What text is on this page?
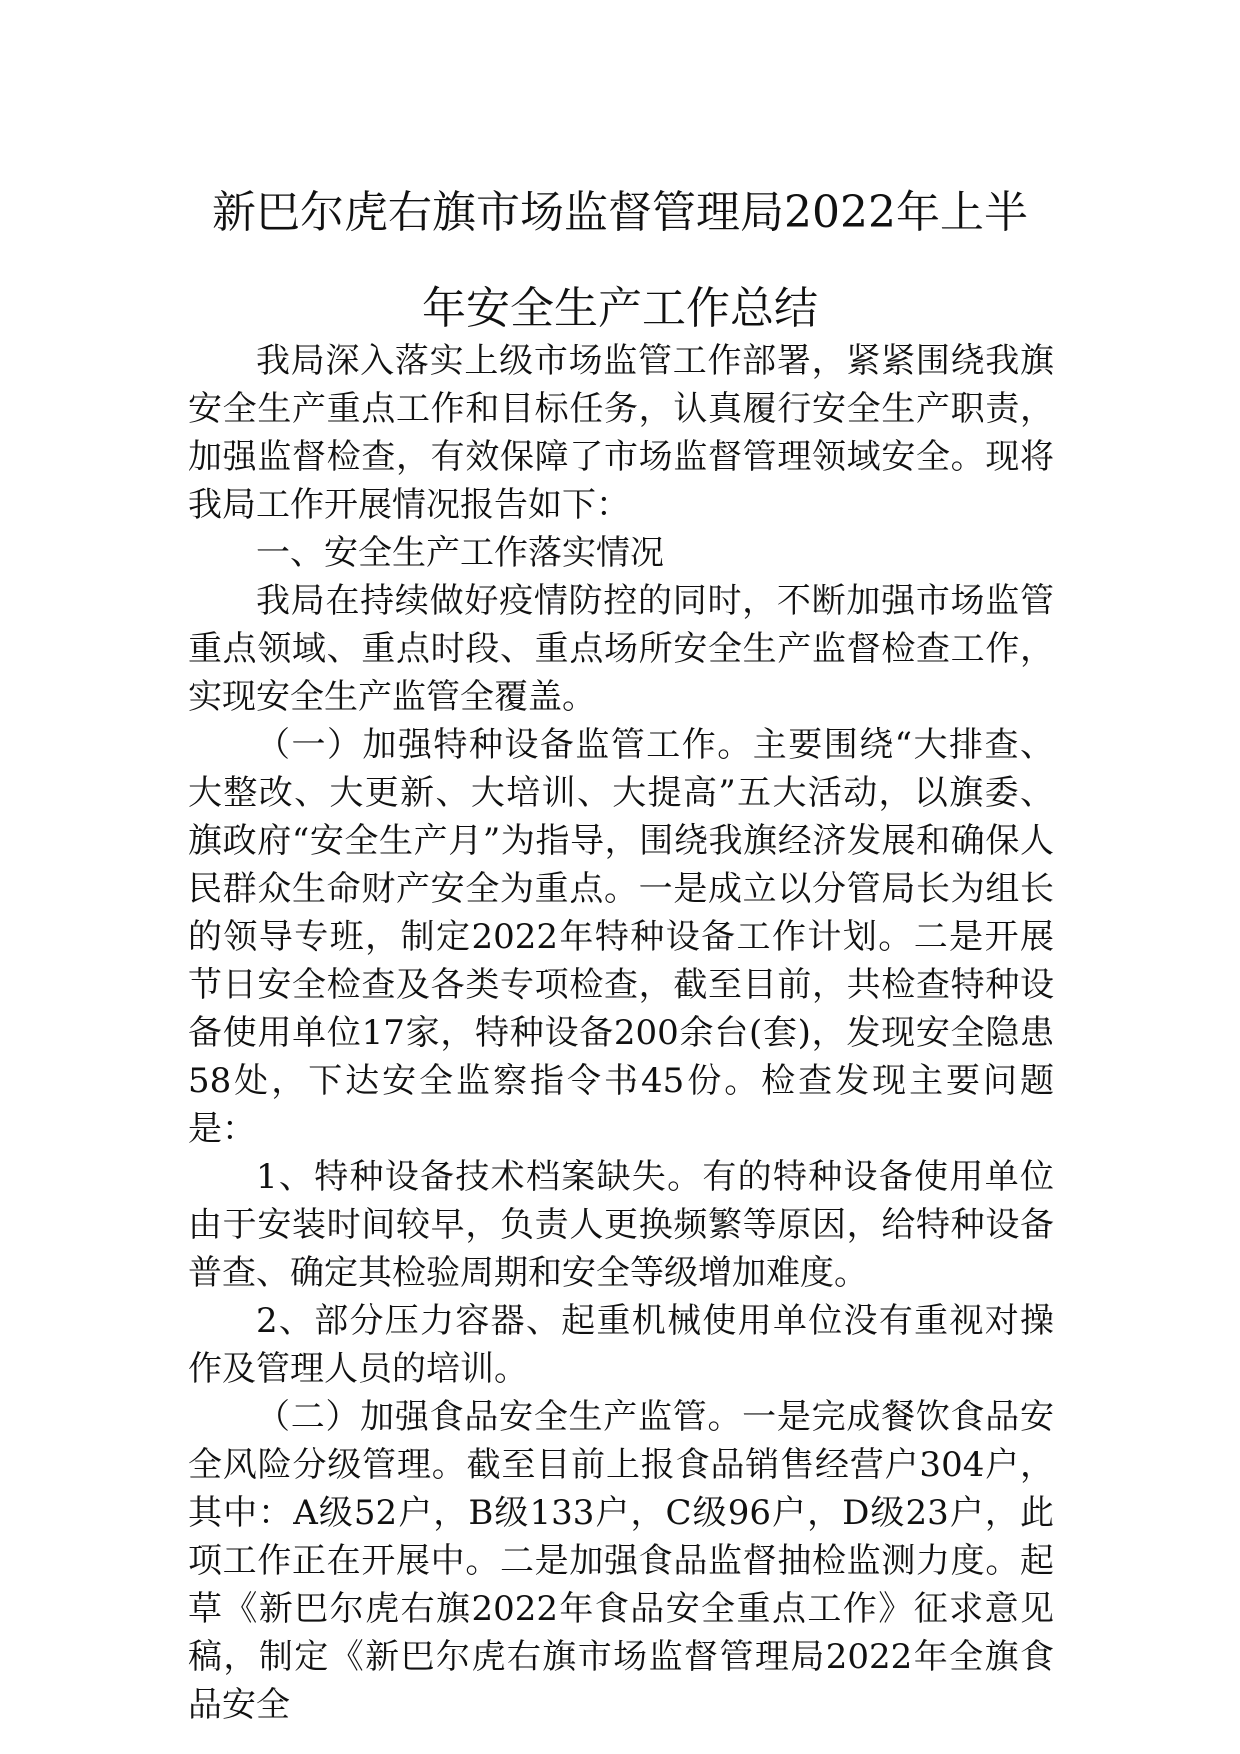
新巴尔虎右旗市场监督管理局2022年上半
年安全生产工作总结

我局深入落实上级市场监管工作部署，紧紧围绕我旗安全生产重点工作和目标任务，认真履行安全生产职责，加强监督检查，有效保障了市场监督管理领域安全。现将我局工作开展情况报告如下：

一、安全生产工作落实情况

我局在持续做好疫情防控的同时，不断加强市场监管重点领域、重点时段、重点场所安全生产监督检查工作，实现安全生产监管全覆盖。

（一）加强特种设备监管工作。主要围绕“大排查、大整改、大更新、大培训、大提高”五大活动，以旗委、旗政府“安全生产月”为指导，围绕我旗经济发展和确保人民群众生命财产安全为重点。一是成立以分管局长为组长的领导专班，制定2022年特种设备工作计划。二是开展节日安全检查及各类专项检查，截至目前，共检查特种设备使用单位17家，特种设备200余台(套)，发现安全隐患58处，下达安全监察指令书45份。检查发现主要问题是：

1、特种设备技术档案缺失。有的特种设备使用单位由于安装时间较早，负责人更换频繁等原因，给特种设备普查、确定其检验周期和安全等级增加难度。

2、部分压力容器、起重机械使用单位没有重视对操作及管理人员的培训。

（二）加强食品安全生产监管。一是完成餐饮食品安全风险分级管理。截至目前上报食品销售经营户304户，其中：A级52户，B级133户，C级96户，D级23户，此项工作正在开展中。二是加强食品监督抽检监测力度。起草《新巴尔虎右旗2022年食品安全重点工作》征求意见稿，制定《新巴尔虎右旗市场监督管理局2022年全旗食品安全
